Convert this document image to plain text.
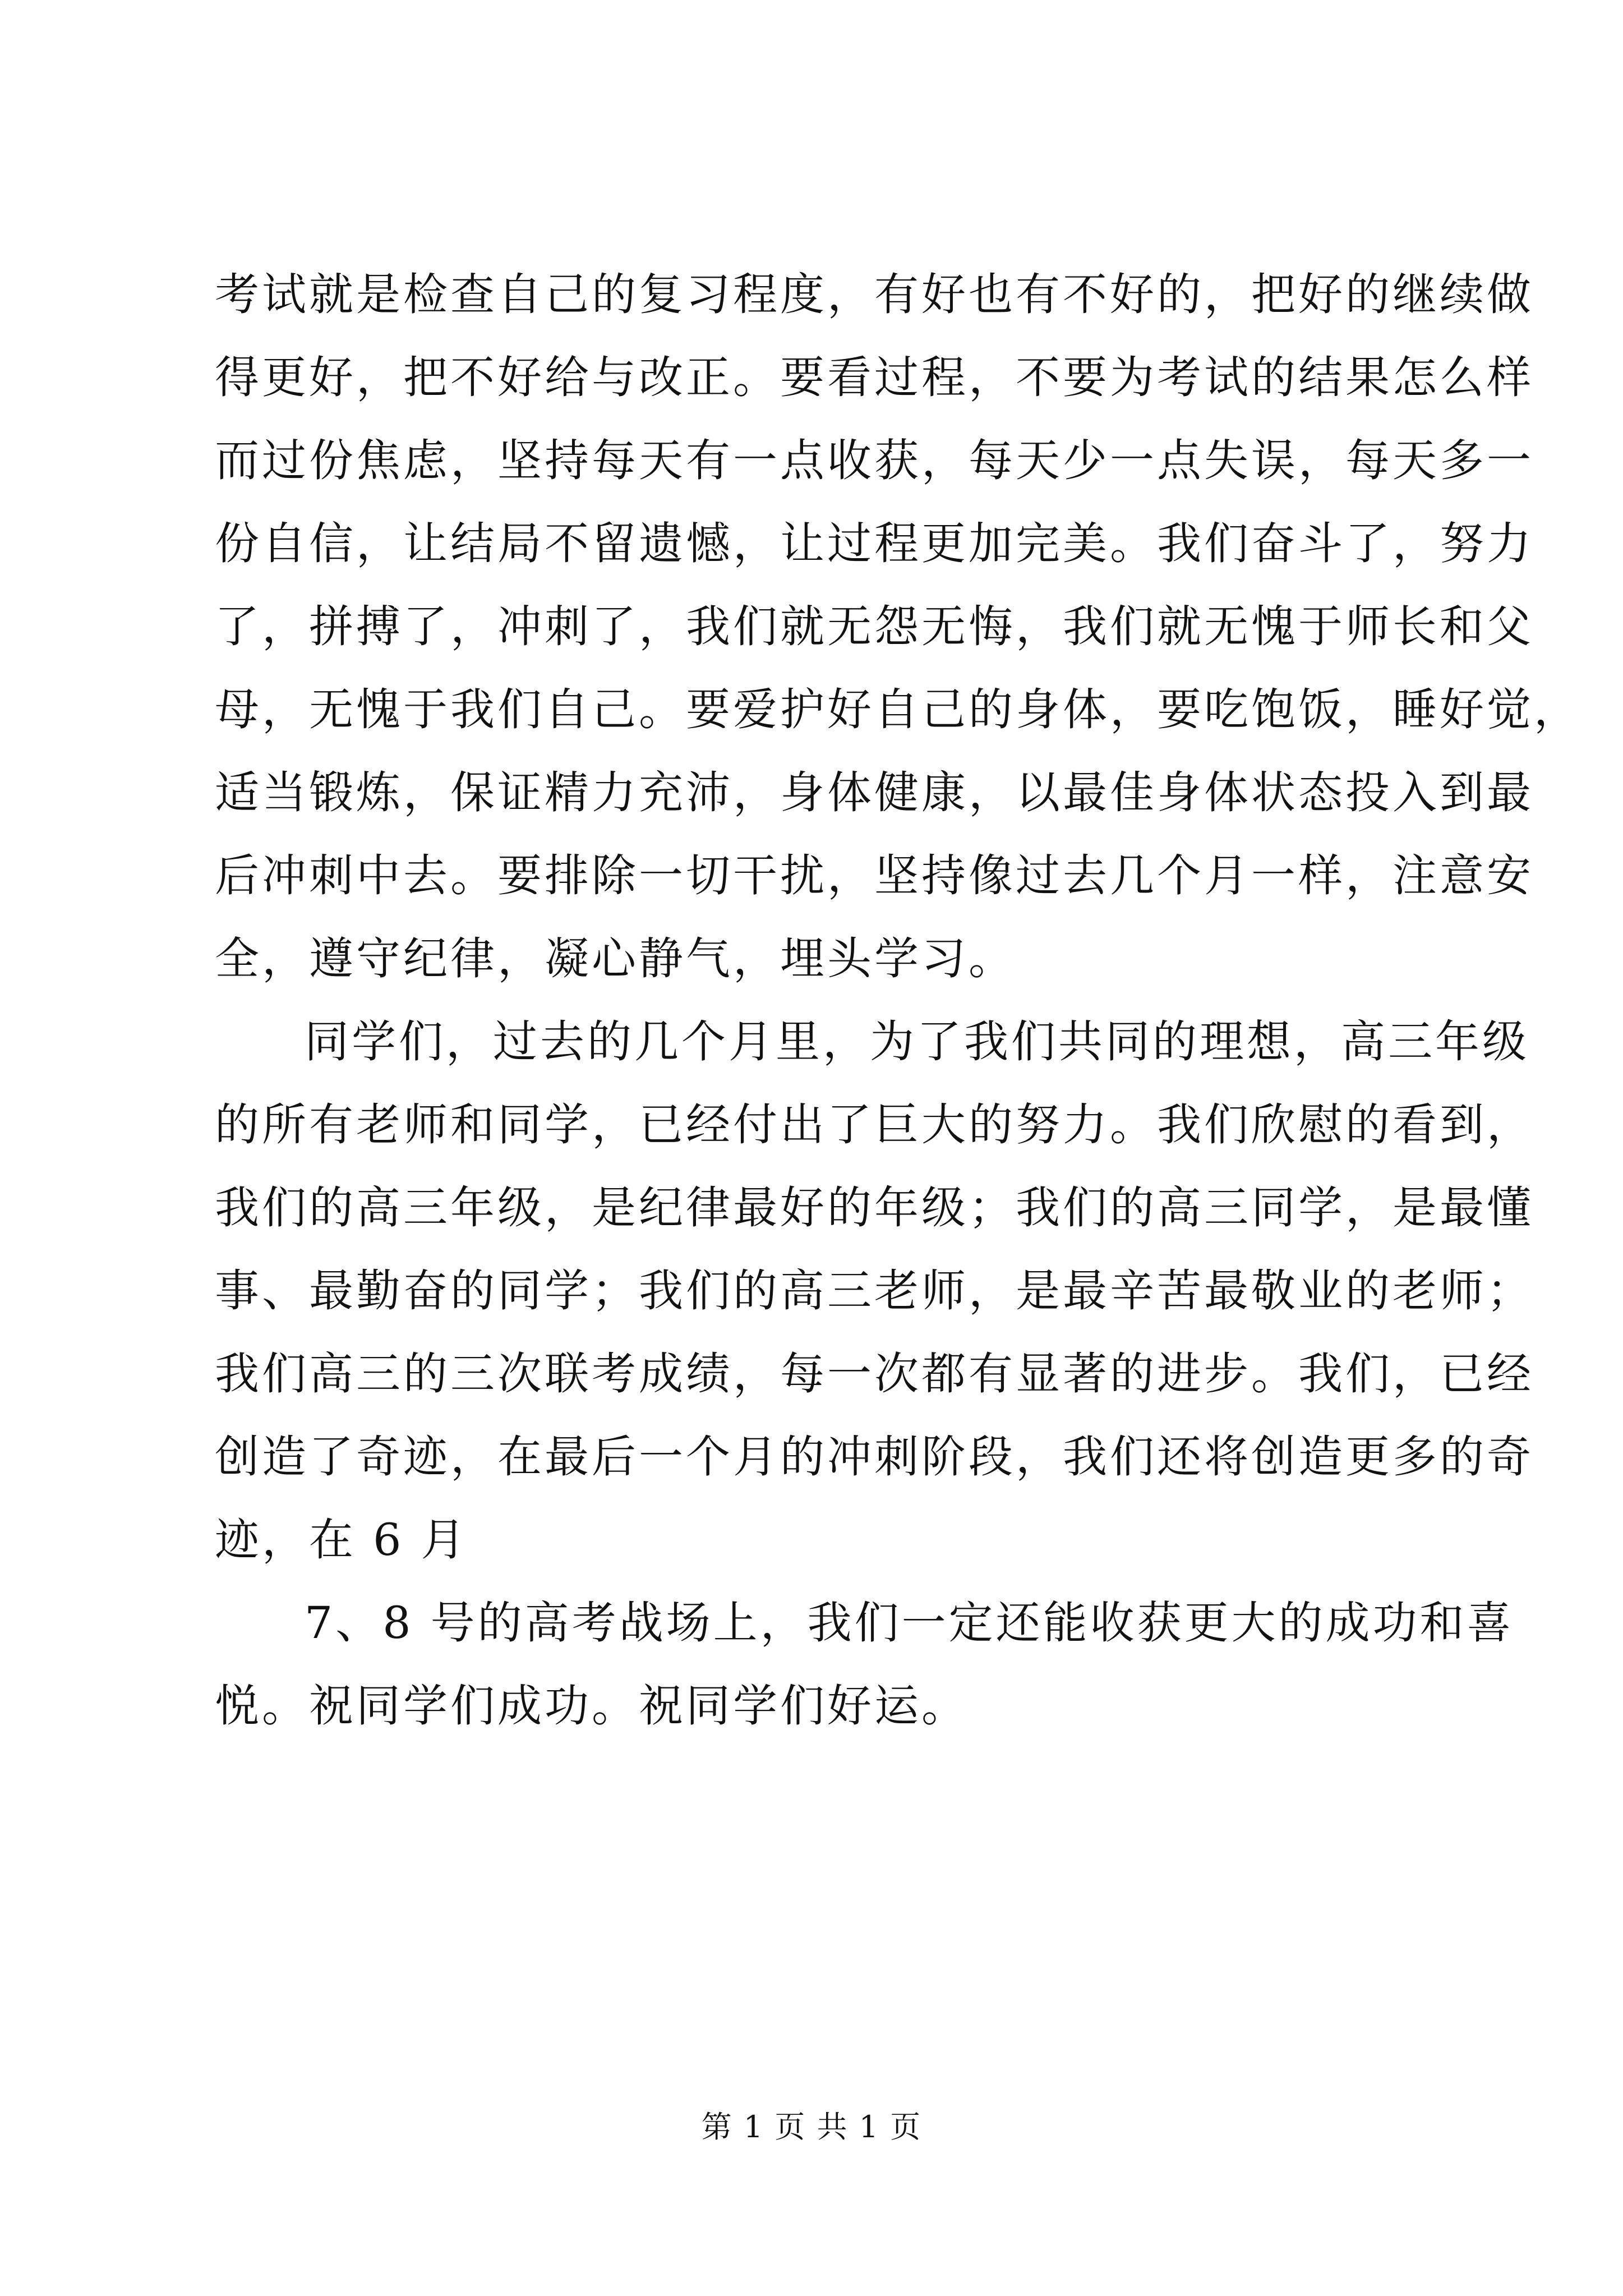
考试就是检查自己的复习程度，有好也有不好的，把好的继续做
得更好，把不好给与改正。要看过程，不要为考试的结果怎么样
而过份焦虑，坚持每天有一点收获，每天少一点失误，每天多一
份自信，让结局不留遗憾，让过程更加完美。我们奋斗了，努力
了，拼搏了，冲刺了，我们就无怨无悔，我们就无愧于师长和父
母，无愧于我们自己。要爱护好自己的身体，要吃饱饭，睡好觉，
适当锻炼，保证精力充沛，身体健康，以最佳身体状态投入到最
后冲刺中去。要排除一切干扰，坚持像过去几个月一样，注意安
全，遵守纪律，凝心静气，埋头学习。
同学们，过去的几个月里，为了我们共同的理想，高三年级
的所有老师和同学，已经付出了巨大的努力。我们欣慰的看到，
我们的高三年级，是纪律最好的年级；我们的高三同学，是最懂
事、最勤奋的同学；我们的高三老师，是最辛苦最敬业的老师；
我们高三的三次联考成绩，每一次都有显著的进步。我们，已经
创造了奇迹，在最后一个月的冲刺阶段，我们还将创造更多的奇
迹，在 6 月
7、8 号的高考战场上，我们一定还能收获更大的成功和喜
悦。祝同学们成功。祝同学们好运。
第 1 页 共 1 页
